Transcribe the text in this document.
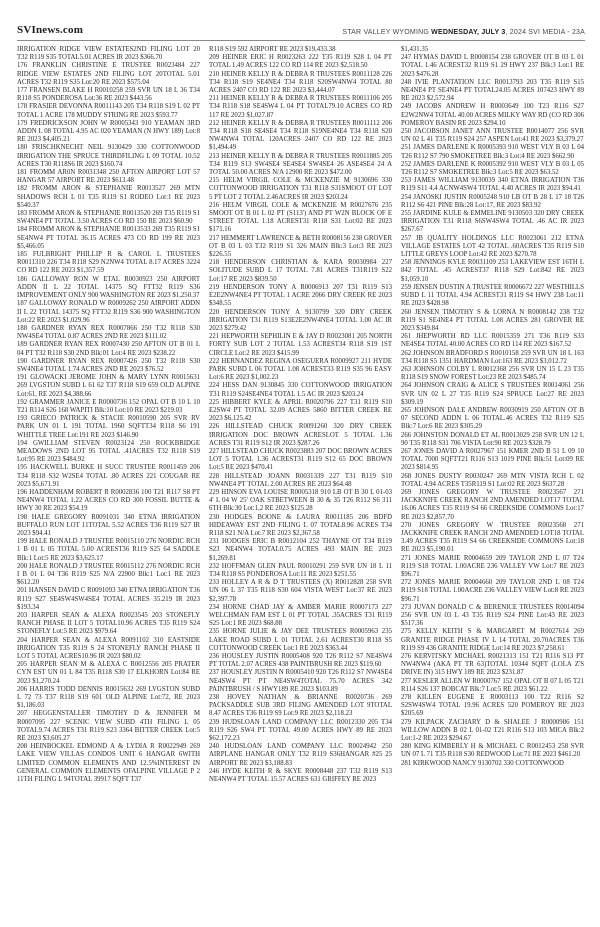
SVInews.com	STAR VALLEY WYOMING WEDNESDAY, JULY 3, 2024 SVI MEDIA - 23A

IRRIGATION RIDGE VIEW ESTATES2ND FILING LOT 20 T32 R119 S35 TOTAL5.01 ACRES IR 2023 $366.70

176 FRANKLIN CHRISTINE E TRUSTEE R0023484 227 RIDGE VIEW ESTATES 2ND FILING LOT 20TOTAL 5.01 ACRES T32 R119 S35 Lot:20 RE 2023 $575.04

177 FRANSEN BLAKE H R0010258 259 SVR UN 18 L 36 T34 R118 S5 PONDEROSA Lot:36 RE 2023 $443.56

178 FRASIER DEVONNA R0011143 205 T34 R118 S19 L 02 PT TOTAL 1 ACRE 178 MUDDY STRING RE 2023 $593.77

179 FREDRICKSON JOHN W R0005343 910 YEAMAN 3RD ADDN L 08 TOTAL 4.95 AC 020 YEAMAN (N HWY 189) Lot:8 RE 2023 $4,405.21

180 FRISCHKNECHT NEIL 9130429 330 COTTONWOOD IRRIGATION THE SPRUCE THIRDFILING L 09 TOTAL 10.52 ACRES T30 R118S6 IR 2023 $160.74

181 FROMM AR0N R0031348 250 AFTON AIRPORT LOT 57 HANGAR 57 AIRPORT RE 2023 $613.48

182 FROMM ARON & STEPHANIE R0013527 269 MTN SHADOWS RCH L 01 T35 R119 S1 RODEO Lot:1 RE 2023 $540.37

183 FROMM ARON & STEPHANIE R0013520 269 T35 R119 S1 SW4NE4 PT TOTAL 3.50 ACRES CO RD 150 RE 2023 $60.90

184 FROMM ARON & STEPHANIE R0013533 269 T35 R119 S1 SE4NW4 PT TOTAL 36.15 ACRES 473 CO RD 199 RE 2023 $5,466.05

185 FULBRIGHT PHILLIP R & CAROL L TRUSTEES R0011310 226 T34 R118 S29 N2NW4 TOTAL 8.17 ACRES 3224 CO RD 122 RE 2023 $1,357.59

186 GALLOWAY RON W ETAL R0030923 250 AIRPORT ADDN II L 22 TOTAL 14375 SQ FTT32 R119 S36 IMPROVEMENT ONLY 900 WASHINGTON RE 2023 $1,250.37

187 GALLOWAY RONALD W R0009262 250 AIRPORT ADDN II L 22 TOTAL 14375 SQ FTT32 R119 S36 900 WASHINGTON Lot:22 RE 2023 $1,029.96

188 GARDNER RYAN REX R0007866 250 T32 R118 S30 NW4SE4 TOTAL 0.87 ACRES 2ND RE 2023 $111.02

189 GARDNER RYAN REX R0007430 250 AFTON OT B 01 L 04 PT T32 R118 S30 2ND Blk:01 Lot:4 RE 2023 $238.22

190 GARDNER RYAN REX R0007426 250 T32 R118 S30 SW4NE4 TOTAL 1.74 ACRES 2ND RE 2023 $76.52

191 GLOWACKI JEROME JOHN & MARY LYNN R0015631 269 LVGSTON SUBD L 61 62 T37 R118 S19 659 OLD ALPINE Lot:61, RE 2023 $4,388.66

192 GRAMMER JANICE E R0000736 152 OPAL OT B 10 L 10 T21 R114 S26 168 WAPITI Blk:10 Lot:10 RE 2023 $219.03

193 GRIECO PATRICK & STACIE R0010590 205 SVR RV PARK UN 01 L 191 TOTAL 1960 SQFTT34 R118 S6 191 WHITTLE TREE Lot:191 RE 2023 $146.90

194 GWILLIAM STEVEN R0023124 250 ROCKBRIDGE MEADOWS 2ND LOT 95 TOTAL .41ACRES T32 R118 S19 Lot:95 RE 2023 $484.92

195 HACKWELL BURKE H SUCC TRUSTEE R0011459 206 T34 R118 S32 W2SE4 TOTAL .80 ACRES 221 COUGAR RE 2023 $5,671.91

196 HADDENHAM ROBERT R R0002836 100 T21 R117 S8 PT NE4NW4 TOTAL 1.22 ACRES CO RD 300 FOSSIL BUTTE & HWY 30 RE 2023 $54.19

198 HALE GREGORY R0091031 340 ETNA IRRIGATION BUFFALO RUN LOT 11TOTAL 5.52 ACRES T36 R119 S27 IR 2023 $94.41

199 HALE RONALD J TRUSTEE R0015110 276 NORDIC RCH 1 B 01 L 05 TOTAL 5.00 ACREST36 R119 S25 64 SADDLE Blk:1 Lot:5 RE 2023 $3,625.17

200 HALE RONALD J TRUSTEE R0015112 276 NORDIC RCH I B 01 L 04 T36 R119 S25 N/A 22900 Blk:1 Lot:1 RE 2023 $612.20

201 HANSEN DAVID C R0091093 340 ETNA IRRIGATION T36 R119 S27 SE4SW4SW4SE4 TOTAL ACRES 35.219 IR 2023 $193.34

203 HARPER SEAN & ALEXA R0023545 203 STONEFLY RANCH PHASE II LOT 5 TOTAL10.96 ACRES T35 R119 S24 STONEFLY Lot:5 RE 2023 $979.64

204 HARPER SEAN & ALEXA R0091102 310 EASTSIDE IRRIGATION T35 R119 S 24 STONEFLY RANCH PHASE II LOT 5 TOTAL ACRES10.96 IR 2023 $80.02

205 HARPER SEAN M & ALEXA C R0012556 205 PRATER CYN EST UN 01 L 84 T35 R118 S30 17 ELKHORN Lot:84 RE 2023 $1,270.24

206 HARRIS TODD DENNIS R0015632 269 LVGSTON SUBD L 72 73 T37 R118 S19 601 OLD ALPINE Lot:72, RE 2023 $1,186.03

207 HEGGENSTALLER TIMOTHY D & JENNIFER M R0007095 227 SCENIC VIEW SUBD 4TH FILING L 05 TOTAL9.74 ACRES T31 R119 S23 3364 BITTER CREEK Lot:5 RE 2023 $3,605.27

208 HEINBOCKEL EDMOND A & LYDIA R R0022949 269 LAKE VIEW VILLAS CONDOS UNIT 6 HANGAR 6WITH LIMITED COMMON ELEMENTS AND 12.5%INTEREST IN GENERAL COMMON ELEMENTS OFALPINE VILLAGE P 2 11TH FILING L 94TOTAL 39917 SQFT T37

R118 S19 592 AIRPORT RE 2023 $19,433.38

209 HEINER ERIC H R0023263 222 T35 R119 S28 L 04 PT TOTAL 1.49 ACRES 122 CO RD 114 RE 2023 $2,518.50

210 HEINER KELLY R & DEBRA R TRUSTEES R0011128 226 T34 R118 S19 SE4NE4 T34 R118 S20SW4NW4 TOTAL 80 ACRES 2407 CO RD 122 RE 2023 $3,444.07

211 HEINER KELLY R & DEBRA R TRUSTEES R0011106 205 T34 R118 S18 SE4SW4 L 04 PT TOTAL79.10 ACRES CO RD 117 RE 2023 $1,027.87

212 HEINER KELLY R & DEBRA R TRUSTEES R0011112 206 T34 R118 S18 SE4SE4 T34 R118 S19NE4NE4 T34 R118 S20 NW4NW4 TOTAL 120ACRES 2407 CO RD 122 RE 2023 $1,494.49

213 HEINER KELLY R & DEBRA R TRUSTEES R0011885 205 T34 R119 S13 SW4SE4 SE4SE4 SW4SE4 26 ASE4SE4 24 A TOTAL 50.00 ACRES N/A 12900 RE 2023 $472.00

215 HELM VIRGIL COLE & MCKENZIE M 9130696 330 COTTONWOOD IRRIGATION T31 R118 S31SMOOT OT LOT 5 PT LOT 2 TOTAL 2.46ACRES IR 2023 $203.24

216 HELM VIRGIL COLE & MCKENZIE M R0027676 235 SMOOT OT B 01 L 02 PT (S113') AND PT W2N BLOCK OF E STREET TOTAL 1.18 ACREST31 R118 S31 Lot:02 RE 2023 $171.16

217 HEMMERT LAWRENCE & BETH R0008156 238 GROVER OT B 03 L 03 T32 R119 S1 326 MAIN Blk:3 Lot:3 RE 2023 $226.55

218 HENDERSON CHRISTIAN & KARA R0030984 227 SOLITUDE SUBD L 17 TOTAL 7.81 ACRES T31R119 S22 Lot:17 RE 2023 $839.50

219 HENDERSON TONY A R0006913 207 T31 R119 S13 E2E2NW4NE4 PT TOTAL 1 ACRE 2066 DRY CREEK RE 2023 $348.55

220 HENDERSON TONY A 9130799 320 DRY CREEK IRRIGATION T31 R119 S13E2E2NW4NE4 TOTAL 1.00 AC IR 2023 $279.42

221 HEPWORTH SEPHILIN E & JAY D R0023081 205 NORTH FORTY SUB LOT 2 TOTAL 1.53 ACREST34 R118 S19 1ST CIRCLE Lot:2 RE 2023 $415.99

222 HERNANDEZ REGINA OSEGUERA R0009927 211 HYDE PARK SUBD L 06 TOTAL 1.08 ACREST33 R119 S35 96 EASY Lot:6 RE 2023 $1,002.23

224 HESS DAN 9130845 330 COTTONWOOD IRRIGATION T31 R119 S24SE4NE4 TOTAL 1.5 AC IR 2023 $203.24

225 HIBBERT KYLE & APRIL R0020796 227 T31 R119 S10 E2SW4 PT TOTAL 32.09 ACRES 5860 BITTER CREEK RE 2023 $6,125.42

226 HILLSTEAD CHUCK R0091260 320 DRY CREEK IRRIGATION DOC BROWN ACRESLOT 5 TOTAL 1.36 ACRES T31 R119 S12 IR 2023 $287.26

227 HILLSTEAD CHUCK R0023883 207 DOC BROWN ACRES LOT 5 TOTAL 1.36 ACREST31 R119 S12 65 DOC BROWN Lot:5 RE 2023 $470.41

228 HILLSTEAD JOANN R0031339 227 T31 R119 S10 NW4NE4 PT TOTAL 2.00 ACRES RE 2023 $64.48

229 HINSON EVA LOUISE R0005318 910 LB OT B 30 L 01-03 4' L 04 W 25' OAK STBETWEEN B 30 & 35 T26 R112 S6 311 6TH Blk:30 Lot:1,2 RE 2023 $125.28

230 HODGES BOONE & LAURA R0011185 206 BDFD HIDEAWAY EST 2ND FILING L 07 TOTAL8.96 ACRES T34 R118 S21 N/A Lot:7 RE 2023 $2,367.58

231 HODGES ERIC B R0012104 252 THAYNE OT T34 R119 S23 NE4NW4 TOTAL0.75 ACRES 493 MAIN RE 2023 $1,269.81

232 HOFFMAN GLEN PAUL R0010291 259 SVR UN 18 L 11 T34 R118 S5 PONDEROSA Lot:11 RE 2023 $251.55

233 HOLLEY A R & D T TRUSTEES (X) R0012828 258 SVR UN 06 L 37 T35 R118 S30 604 VISTA WEST Lot:37 RE 2023 $2,397.78

234 HORNE CHAD JAY & AMBER MARIE R0007173 227 WELCHMAN FAM EST L 01 PT TOTAL .35ACRES T31 R119 S25 Lot:1 RE 2023 $68.88

235 HORNE JULIE & JAY DEE TRUSTEES R0005963 235 LAKE ROAD SUBD L 01 TOTAL 2.61 ACREST30 R118 S5 COTTONWOOD CREEK Lot:1 RE 2023 $363.44

236 HOUSLEY JUSTIN R0005408 920 T26 R112 S7 NE4SW4 PT TOTAL 2.07 ACRES 438 PAINTBRUSH RE 2023 $119.60

237 HOUSLEY JUSTIN N R0005410 920 T26 R112 S7 NW4SE4 NE4SW4 PT PT NE4SW4TOTAL 75.70 ACRES 342 PAINTBRUSH / S HWY189 RE 2023 $103.89

238 HOVEY NATHAN & BRIANNE R0020736 269 PACKSADDLE SUB 3RD FILING AMENDED LOT 9TOTAL 8.47 ACRES T36 R119 S9 Lot:9 RE 2023 $2,118.23

239 HUDSLOAN LAND COMPANY LLC R0012330 205 T34 R119 S26 SW4 PT TOTAL 49.00 ACRES HWY 89 RE 2023 $62,172.23

240 HUDSLOAN LAND COMPANY LLC R0024942 250 AIRPLANE HANGAR ONLY T32 R119 S36HANGAR #25 25 AIRPORT RE 2023 $3,188.83

246 HYDE KEITH R & SKYE R0008448 237 T32 R119 S13 NE4NW4 PT TOTAL 15.57 ACRES 631 GRIFFEY RE 2023

$1,431.35

247 HYMAS DAVID L R0008154 238 GROVER OT B 03 L 01 TOTAL 1.46 ACREST32 R119 S1 29 HWY 237 Blk:3 Lot:1 RE 2023 $476.28

248 IVIE PLANTATION LLC R0013793 203 T35 R119 S15 NE4NE4 PT SE4NE4 PT TOTAL24.05 ACRES 107423 HWY 89 RE 2023 $2,572.94

249 JACOBS ANDREW H R0003649 100 T23 R116 S27 E2W2NW4 TOTAL 40.00 ACRES MILKY WAY RD (CO RD 306 POMEROY BASIN RE 2023 $294.10

250 JACOBSON JANET ANN TRUSTEE R0014077 256 SVR UN 02 L 41 T35 R119 S24 257 ASPEN Lot:41 RE 2023 $3,379.27

251 JAMES DARLENE K R0005393 910 WEST VLY B 03 L 04 T26 R112 S7 790 SMOKETREE Blk:3 Lot:4 RE 2023 $662.90

252 JAMES DARLENE K R0005392 910 WEST VLY B 03 L 05 T26 R112 S7 SMOKETREE Blk:3 Lot:5 RE 2023 $63.52

253 JAMES WILLIAM 9130039 340 ETNA IRRIGATION T36 R119 S11 4.4 ACNW4SW4 TOTAL 4.40 ACRES IR 2023 $94.41

254 JANOSKI JUSTIN R0005248 910 LB OT B 28 L 17 18 T26 R112 S6 421 PINE Blk:28 Lot:17, RE 2023 $83.92

255 JARDINE KULE & EMMELINE 9130503 320 DRY CREEK IRRIGATION T31 R118 S6SW4SW4 TOTAL .46 AC IR 2023 $267.67

257 JB QUALITY HOLDINGS LLC R0023061 212 ETNA VILLAGE ESTATES LOT 42 TOTAL .60ACRES T35 R119 S10 LITTLE GREYS LOOP Lot:42 RE 2023 $270.78

258 JENNINGS KYLE R0031109 253 LAKEVIEW EST 16TH L 842 TOTAL .45 ACREST37 R118 S29 Lot:842 RE 2023 $1,059.10

259 JENSEN DUSTIN A TRUSTEE R0006672 227 WESTHILLS SUBD L 11 TOTAL 4.94 ACREST31 R119 S4 HWY 238 Lot:11 RE 2023 $428.98

260 JENSEN TIMOTHY S & LORNA N R0008142 238 T32 R119 S1 SE4NE4 PT TOTAL 1.08 ACRES 281 GROVER RE 2023 $349.84

261 JHEPWORTH RD LLC R0015359 271 T36 R119 S33 NE4SE4 TOTAL 40.00 ACRES CO RD 114 RE 2023 $167.52

262 JOHNSON BRADFORD S R0010158 259 SVR UN 18 L 163 T34 R118 S5 1351 HARDMAN Lot:163 RE 2023 $3,012.72

263 JOHNSON COLBY L R0012368 256 SVR UN 15 L 23 T35 R118 S19 SNOW FOREST Lot:23 RE 2023 $485.74

264 JOHNSON CRAIG & ALICE S TRUSTEES R0014061 256 SVR UN 02 L 27 T35 R119 S24 SPRUCE Lot:27 RE 2023 $309.19

265 JOHNSON DALE ANDREW R0030919 250 AFTON OT B 07 SECOND ADDN L 06 TOTAL.46 ACRES T32 R119 S25 Blk:7 Lot:6 RE 2023 $305.29

266 JOHNSTON DONALD ET AL R0013029 258 SVR UN 12 L 90 T35 R118 S31 706 VISTA Lot:90 RE 2023 $328.79

267 JONES DAVID A R0027967 151 KMER 2ND B 51 L 09 10 TOTAL 7000 SQFTT21 R116 S13 1019 PINE Blk:51 Lot:09 RE 2023 $814.95

268 JONES DUSTY R0030247 269 MTN VISTA RCH L 02 TOTAL 4.94 ACRES T35R119 S1 Lot:02 RE 2023 $637.28

269 JONES GREGORY W TRUSTEE R0023567 271 JACKKNIFE CREEK RANCH 2ND AMENDED LOT17 TOTAL 16.06 ACRES T35 R119 S4 66 CREEKSIDE COMMONS Lot:17 RE 2023 $2,857.70

270 JONES GREGORY W TRUSTEE R0023568 271 JACKKNIFE CREEK RANCH 2ND AMENDED LOT18 TOTAL 3.49 ACRES T35 R119 S4 66 CREEKSIDE COMMONS Lot:18 RE 2023 $5,190.01

271 JONES MARIE R0004659 209 TAYLOR 2ND L 07 T24 R119 S18 TOTAL 1.00ACRE 236 VALLEY VW Lot:7 RE 2023 $96.71

272 JONES MARIE R0004660 209 TAYLOR 2ND L 08 T24 R119 S18 TOTAL 1.00ACRE 236 VALLEY VIEW Lot:8 RE 2023 $96.71

273 JUVAN DONALD C & BERENICE TRUSTEES R0014094 256 SVR UN 03 L 43 T35 R119 S24 PINE Lot:43 RE 2023 $517.36

275 KELLY KEITH S & MARGARET M R0027614 269 GRANITE RIDGE PHASE IV L 14 TOTAL 20.70ACRES T36 R119 S9 436 GRANITE RIDGE Lot:14 RE 2023 $7,258.61

276 KERVITSKY MICHAEL R0021313 151 T21 R116 S13 PT NW4NW4 (AKA PT TR 63)TOTAL 10344 SQFT (LOLA Z'S DRIVE IN) 315 HWY 189 RE 2023 $231.87

277 KESLER ALLEN W R0000767 152 OPAL OT B 07 L 05 T21 R114 S26 137 BOBCAT Blk:7 Lot:5 RE 2023 $61.22

278 KILLEN EUGENE E R0003113 100 T22 R116 S2 S2SW4SW4 TOTAL 19.96 ACRES 520 POMEROY RE 2023 $205.69

279 KILPACK ZACHARY D & SHALEE J R0000986 151 WILLOW ADDN B 02 L 01-02 T21 R116 S13 103 MICA Blk:2 Lot:1-2 RE 2023 $294.67

280 KING KIMBERLY H & MICHAEL C R0012453 258 SVR UN 07 L 71 T35 R118 S30 REDWOOD Lot:71 RE 2023 $461.20

281 KIRKWOOD NANCY 9130702 330 COTTONWOOD
